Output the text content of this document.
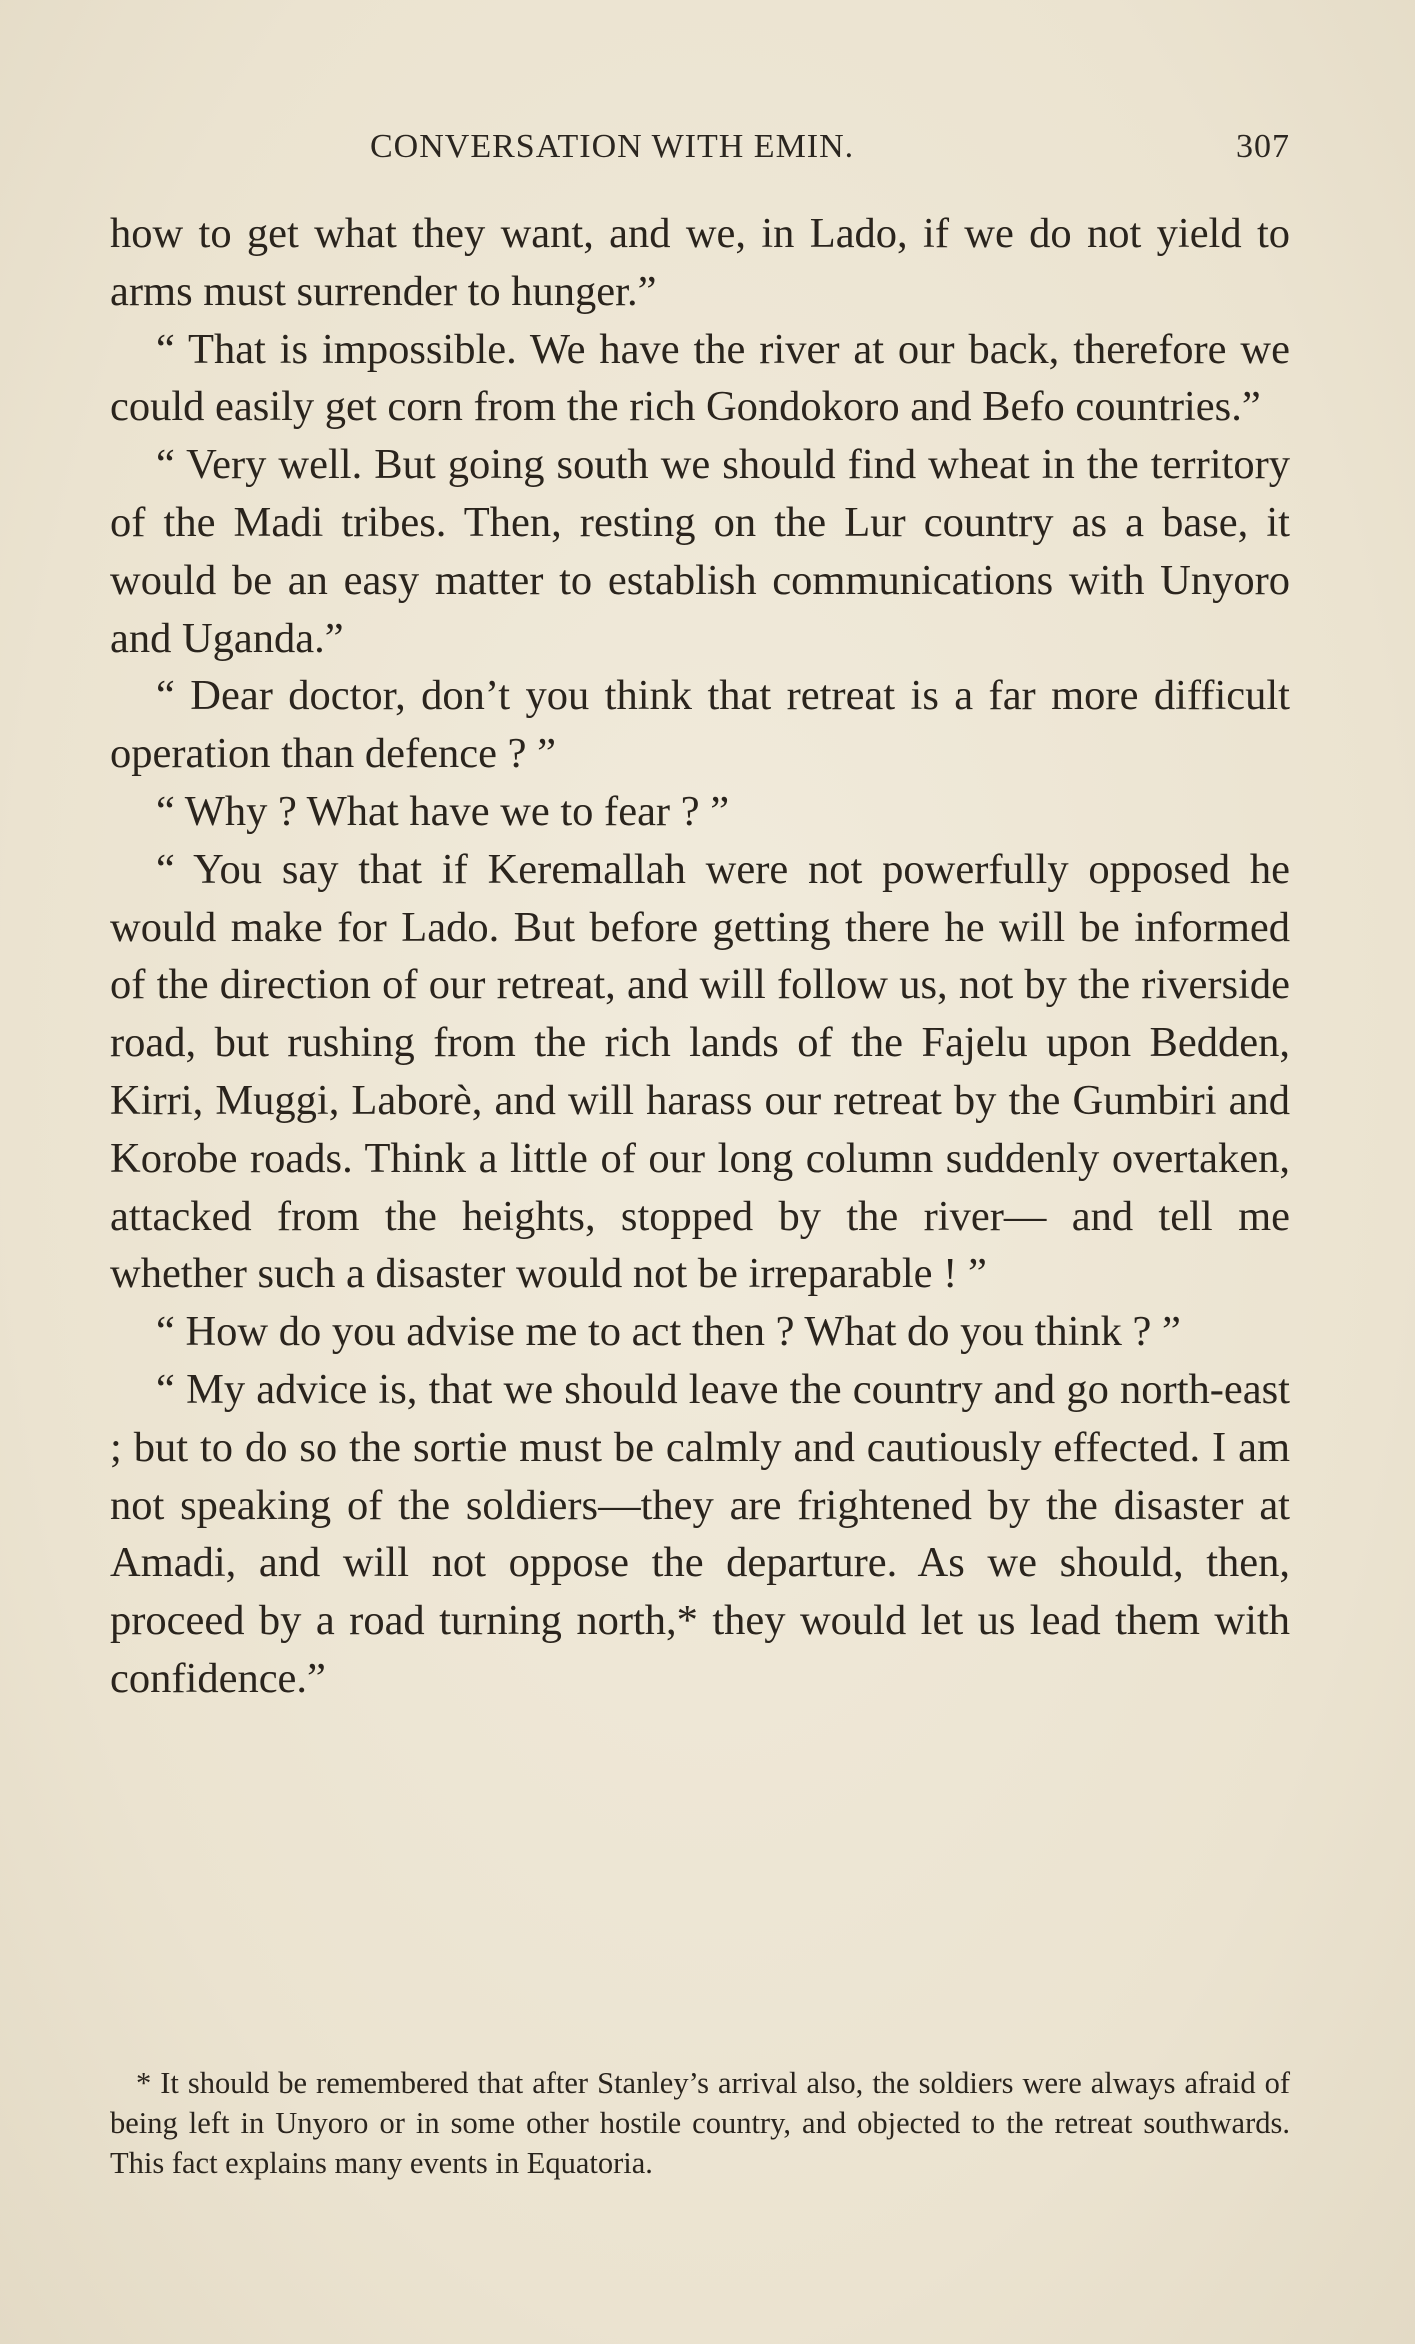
CONVERSATION WITH EMIN.	307

how to get what they want, and we, in Lado, if we do not yield to arms must surrender to hunger.”

“ That is impossible. We have the river at our back, therefore we could easily get corn from the rich Gondokoro and Befo countries.”

“ Very well. But going south we should find wheat in the territory of the Madi tribes. Then, resting on the Lur country as a base, it would be an easy matter to establish communications with Unyoro and Uganda.”

“ Dear doctor, don’t you think that retreat is a far more difficult operation than defence ? ”

“ Why ? What have we to fear ? ”

“ You say that if Keremallah were not powerfully opposed he would make for Lado. But before getting there he will be informed of the direction of our retreat, and will follow us, not by the riverside road, but rushing from the rich lands of the Fajelu upon Bedden, Kirri, Muggi, Laborè, and will harass our retreat by the Gumbiri and Korobe roads. Think a little of our long column suddenly overtaken, attacked from the heights, stopped by the river— and tell me whether such a disaster would not be irreparable ! ”

“ How do you advise me to act then ? What do you think ? ”

“ My advice is, that we should leave the country and go north-east ; but to do so the sortie must be calmly and cautiously effected. I am not speaking of the soldiers—they are frightened by the disaster at Amadi, and will not oppose the departure. As we should, then, proceed by a road turning north,* they would let us lead them with confidence.”

* It should be remembered that after Stanley’s arrival also, the soldiers were always afraid of being left in Unyoro or in some other hostile country, and objected to the retreat southwards. This fact explains many events in Equatoria.
